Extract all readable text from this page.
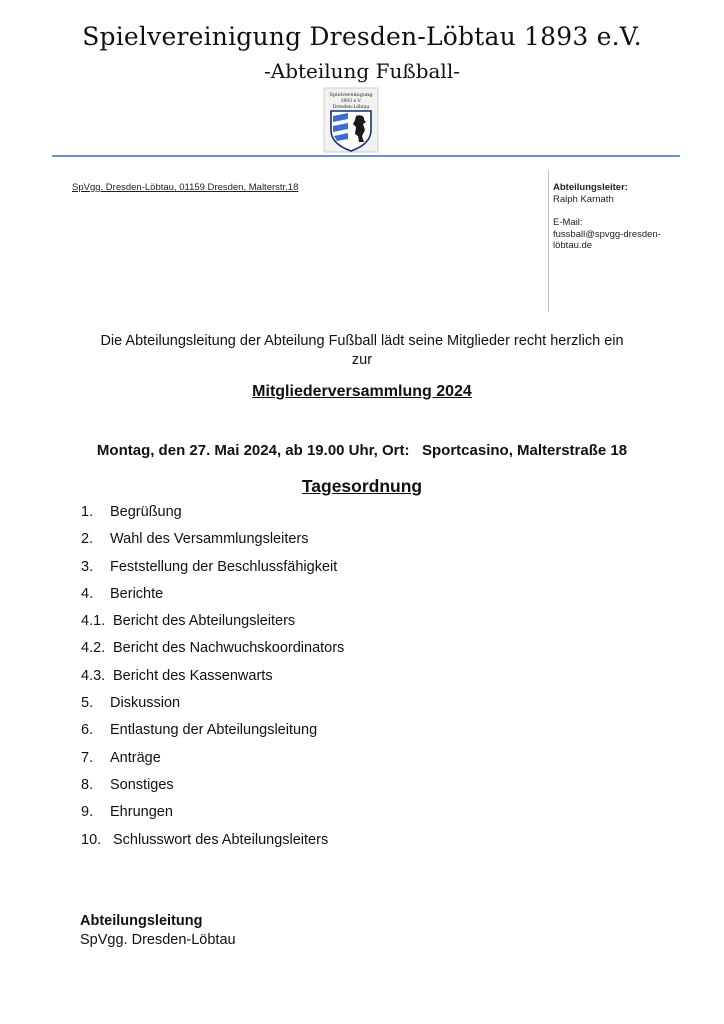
Spielvereinigung Dresden-Löbtau 1893 e.V.
-Abteilung Fußball-
Spielvereinigung
1893 e.V.
Dresden-Löbtau
SpVgg. Dresden-Löbtau, 01159 Dresden, Malterstr.18	Abteilungsleiter:
Ralph Karnath
E-Mail:
fussball@spvgg-dresden-
löbtau.de
Die Abteilungsleitung der Abteilung Fußball lädt seine Mitglieder recht herzlich ein
zur
Mitgliederversammlung 2024
Montag, den 27. Mai 2024, ab 19.00 Uhr, Ort:   Sportcasino, Malterstraße 18
Tagesordnung
1.	Begrüßung
2.	Wahl des Versammlungsleiters
3.	Feststellung der Beschlussfähigkeit
4.	Berichte
4.1. Bericht des Abteilungsleiters
4.2. Bericht des Nachwuchskoordinators
4.3. Bericht des Kassenwarts
5.	Diskussion
6.	Entlastung der Abteilungsleitung
7.	Anträge
8.	Sonstiges
9.	Ehrungen
10. Schlusswort des Abteilungsleiters
Abteilungsleitung
SpVgg. Dresden-Löbtau
